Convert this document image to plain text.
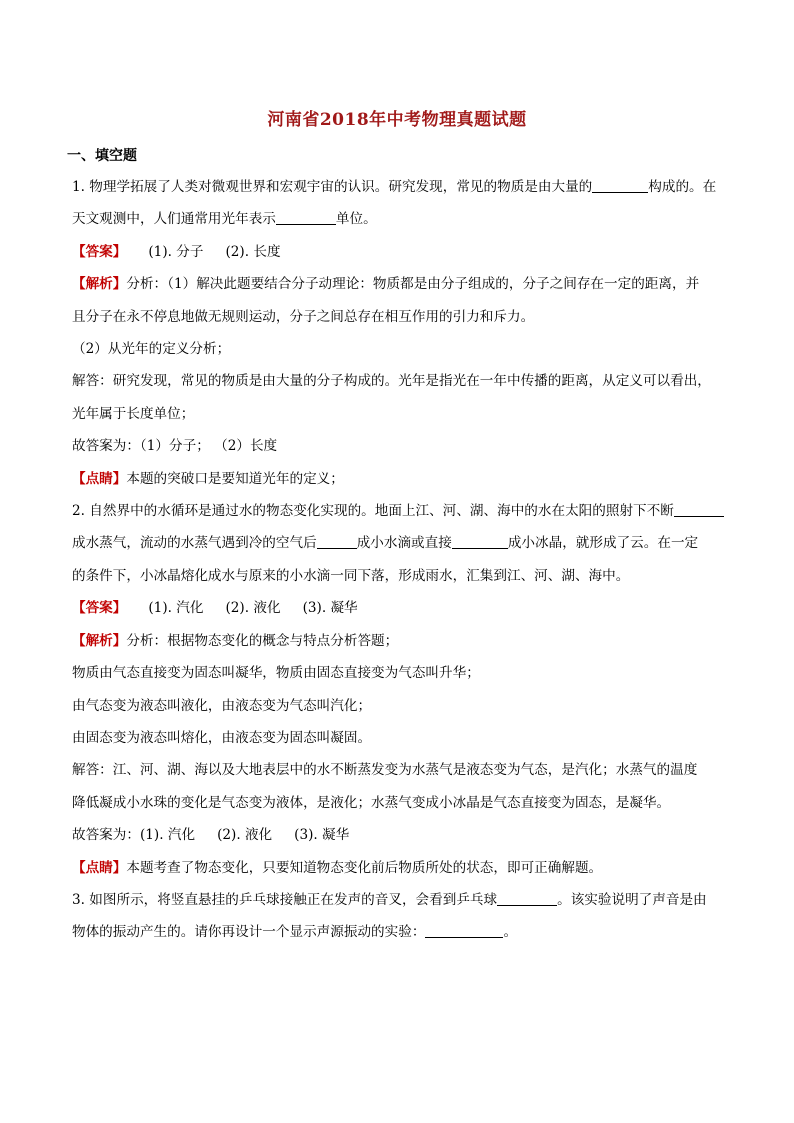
河南省2018年中考物理真题试题
一、填空题

1. 物理学拓展了人类对微观世界和宏观宇宙的认识。研究发现，常见的物质是由大量的	构成的。在

天文观测中，人们通常用光年表示	单位。

【答案】 (1). 分子 (2). 长度

【解析】分析：（1）解决此题要结合分子动理论：物质都是由分子组成的，分子之间存在一定的距离，并

且分子在永不停息地做无规则运动，分子之间总存在相互作用的引力和斥力。

（2）从光年的定义分析；

解答：研究发现，常见的物质是由大量的分子构成的。光年是指光在一年中传播的距离，从定义可以看出，

光年属于长度单位；

故答案为：（1）分子； （2）长度

【点睛】本题的突破口是要知道光年的定义；

2. 自然界中的水循环是通过水的物态变化实现的。地面上江、河、湖、海中的水在太阳的照射下不断

成水蒸气，流动的水蒸气遇到冷的空气后	成小水滴或直接	成小冰晶，就形成了云。在一定

的条件下，小冰晶熔化成水与原来的小水滴一同下落，形成雨水，汇集到江、河、湖、海中。

【答案】 (1). 汽化 (2). 液化 (3). 凝华

【解析】分析：根据物态变化的概念与特点分析答题；

物质由气态直接变为固态叫凝华，物质由固态直接变为气态叫升华；

由气态变为液态叫液化，由液态变为气态叫汽化；

由固态变为液态叫熔化，由液态变为固态叫凝固。

解答：江、河、湖、海以及大地表层中的水不断蒸发变为水蒸气是液态变为气态，是汽化；水蒸气的温度

降低凝成小水珠的变化是气态变为液体，是液化；水蒸气变成小冰晶是气态直接变为固态，是凝华。

故答案为：(1). 汽化 (2). 液化 (3). 凝华

【点睛】本题考查了物态变化，只要知道物态变化前后物质所处的状态，即可正确解题。

3. 如图所示，将竖直悬挂的乒乓球接触正在发声的音叉，会看到乒乓球	。该实验说明了声音是由

物体的振动产生的。请你再设计一个显示声源振动的实验：	。
